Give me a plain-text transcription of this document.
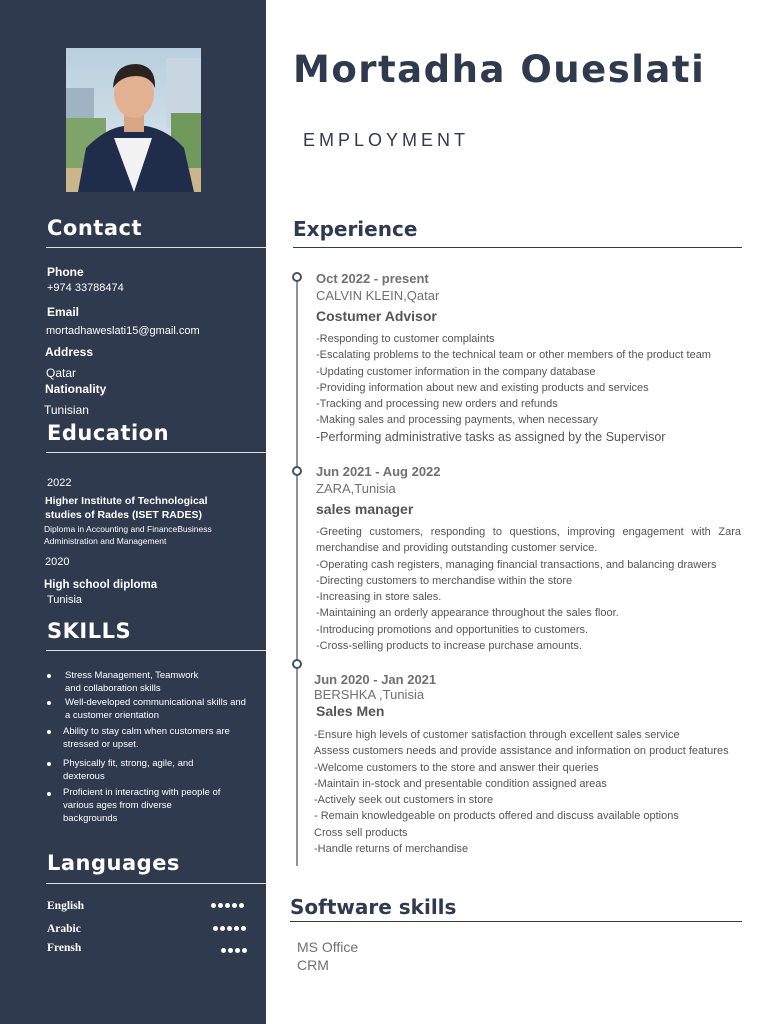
Contact
Phone
+974 33788474
Email
mortadhaweslati15@gmail.com
Address
Qatar
Nationality
Tunisian
Education
2022
Higher Institute of Technological
studies of Rades (ISET RADES)
Diploma in Accounting and FinanceBusiness
Administration and Management
2020
High school diploma
Tunisia
SKILLS
Stress Management, Teamwork
and collaboration skills
Well-developed communicational skills and
a customer orientation
Ability to stay calm when customers are
stressed or upset.
Physically fit, strong, agile, and
dexterous
Proficient in interacting with people of
various ages from diverse
backgrounds
Languages
English
Arabic
Frensh
Mortadha Oueslati
EMPLOYMENT
Experience
Oct 2022 - present
CALVIN KLEIN,Qatar
Costumer Advisor
-Responding to customer complaints
-Escalating problems to the technical team or other members of the product team
-Updating customer information in the company database
-Providing information about new and existing products and services
-Tracking and processing new orders and refunds
-Making sales and processing payments, when necessary
-Performing administrative tasks as assigned by the Supervisor
Jun 2021 - Aug 2022
ZARA,Tunisia
sales manager
-Greeting customers, responding to questions, improving engagement with Zara merchandise and providing outstanding customer service.
-Operating cash registers, managing financial transactions, and balancing drawers
-Directing customers to merchandise within the store
-Increasing in store sales.
-Maintaining an orderly appearance throughout the sales floor.
-Introducing promotions and opportunities to customers.
-Cross-selling products to increase purchase amounts.
Jun 2020 - Jan 2021
BERSHKA ,Tunisia
Sales Men
-Ensure high levels of customer satisfaction through excellent sales service
Assess customers needs and provide assistance and information on product features
-Welcome customers to the store and answer their queries
-Maintain in-stock and presentable condition assigned areas
-Actively seek out customers in store
- Remain knowledgeable on products offered and discuss available options
Cross sell products
-Handle returns of merchandise
Software skills
MS Office
CRM
